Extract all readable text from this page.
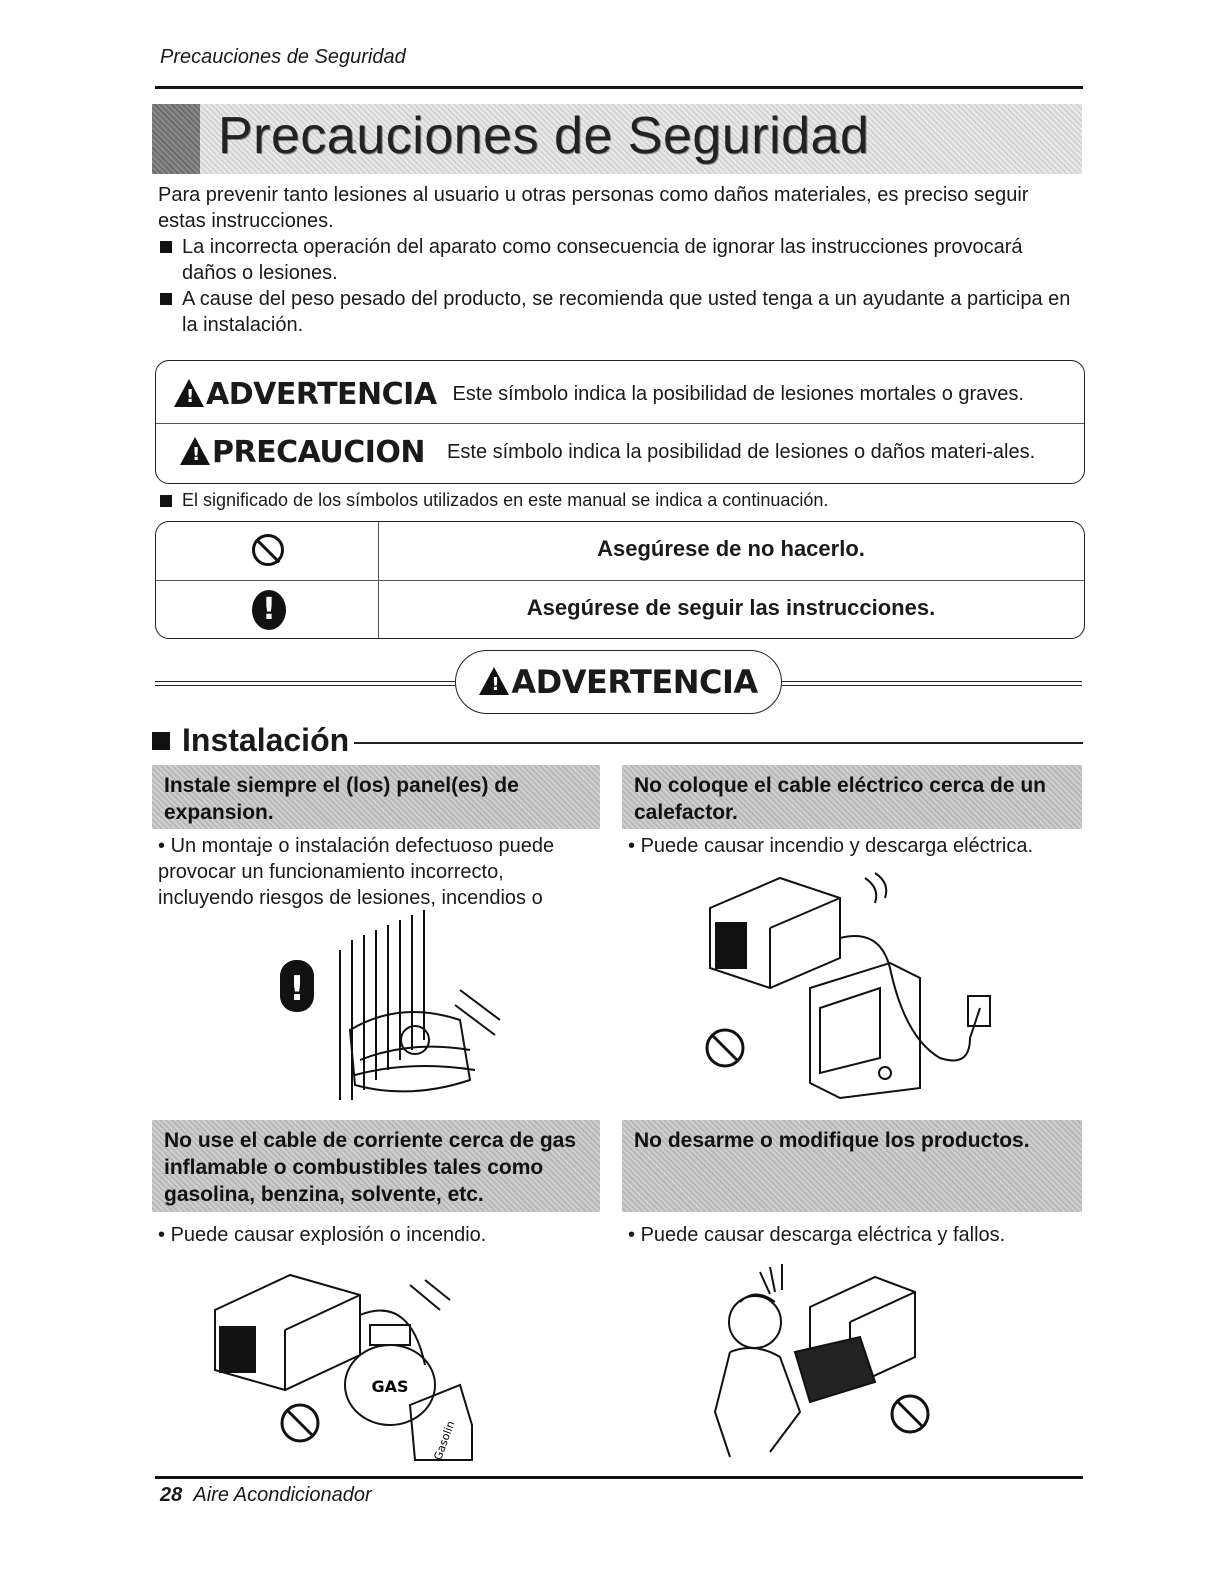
Precauciones de Seguridad
Precauciones de Seguridad
Para prevenir tanto lesiones al usuario u otras personas como daños materiales, es preciso seguir estas instrucciones.
La incorrecta operación del aparato como consecuencia de ignorar las instrucciones provocará daños o lesiones.
A cause del peso pesado del producto, se recomienda que usted tenga a un ayudante a participa en la instalación.
!
ADVERTENCIA Este símbolo indica la posibilidad de lesiones mortales o graves.
!
PRECAUCION Este símbolo indica la posibilidad de lesiones o daños materi-ales.
El significado de los símbolos utilizados en este manual se indica a continuación.
Asegúrese de no hacerlo.
!	Asegúrese de seguir las instrucciones.
!
ADVERTENCIA
Instalación
Instale siempre el (los) panel(es) de expansion.
• Un montaje o instalación defectuoso puede provocar un funcionamiento incorrecto, incluyendo riesgos de lesiones, incendios o
No coloque el cable eléctrico cerca de un calefactor.
• Puede causar incendio y descarga eléctrica.
!
No use el cable de corriente cerca de gas inflamable o combustibles tales como gasolina, benzina, solvente, etc.
• Puede causar explosión o incendio.
No desarme o modifique los productos.
• Puede causar descarga eléctrica y fallos.
GAS
Gasolin
28 Aire Acondicionador
